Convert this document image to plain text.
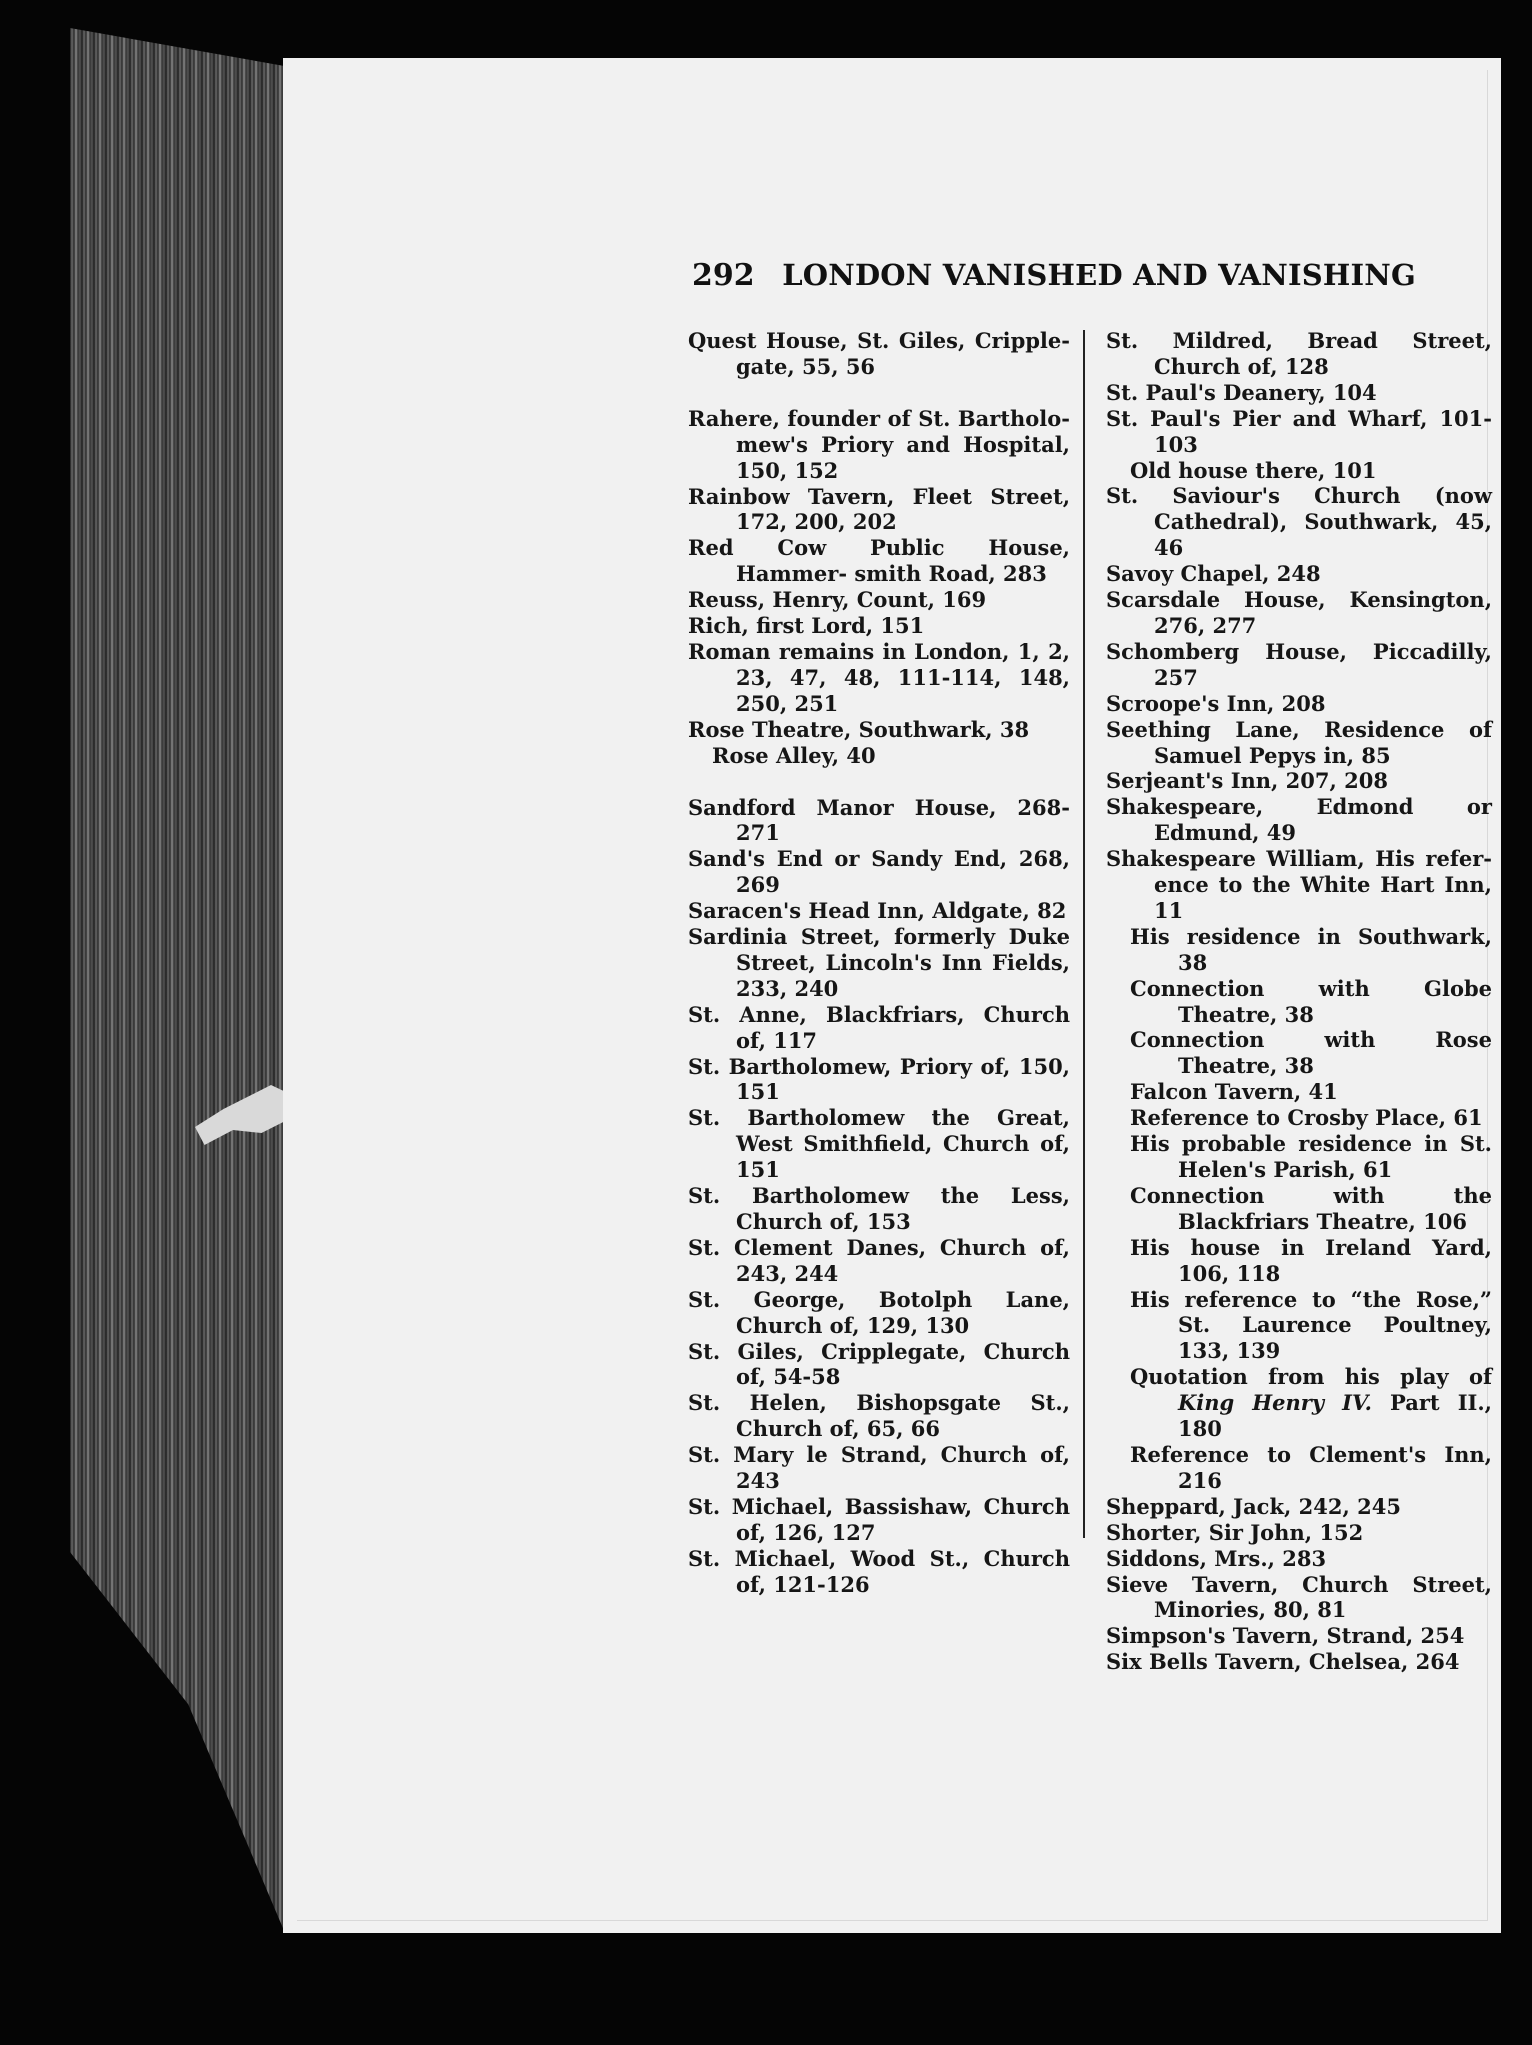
292 LONDON VANISHED AND VANISHING

Quest House, St. Giles, Cripple- gate, 55, 56

Rahere, founder of St. Bartholo- mew's Priory and Hospital, 150, 152

Rainbow Tavern, Fleet Street, 172, 200, 202

Red Cow Public House, Hammer- smith Road, 283

Reuss, Henry, Count, 169

Rich, first Lord, 151

Roman remains in London, 1, 2, 23, 47, 48, 111-114, 148, 250, 251

Rose Theatre, Southwark, 38

Rose Alley, 40

Sandford Manor House, 268-271

Sand's End or Sandy End, 268, 269

Saracen's Head Inn, Aldgate, 82

Sardinia Street, formerly Duke Street, Lincoln's Inn Fields, 233, 240

St. Anne, Blackfriars, Church of, 117

St. Bartholomew, Priory of, 150, 151

St. Bartholomew the Great, West Smithfield, Church of, 151

St. Bartholomew the Less, Church of, 153

St. Clement Danes, Church of, 243, 244

St. George, Botolph Lane, Church of, 129, 130

St. Giles, Cripplegate, Church of, 54-58

St. Helen, Bishopsgate St., Church of, 65, 66

St. Mary le Strand, Church of, 243

St. Michael, Bassishaw, Church of, 126, 127

St. Michael, Wood St., Church of, 121-126

St. Mildred, Bread Street, Church of, 128

St. Paul's Deanery, 104

St. Paul's Pier and Wharf, 101-103

Old house there, 101

St. Saviour's Church (now Cathedral), Southwark, 45, 46

Savoy Chapel, 248

Scarsdale House, Kensington, 276, 277

Schomberg House, Piccadilly, 257

Scroope's Inn, 208

Seething Lane, Residence of Samuel Pepys in, 85

Serjeant's Inn, 207, 208

Shakespeare, Edmond or Edmund, 49

Shakespeare William, His refer- ence to the White Hart Inn, 11

His residence in Southwark, 38

Connection with Globe Theatre, 38

Connection with Rose Theatre, 38

Falcon Tavern, 41

Reference to Crosby Place, 61

His probable residence in St. Helen's Parish, 61

Connection with the Blackfriars Theatre, 106

His house in Ireland Yard, 106, 118

His reference to “the Rose,” St. Laurence Poultney, 133, 139

Quotation from his play of King Henry IV. Part II., 180

Reference to Clement's Inn, 216

Sheppard, Jack, 242, 245

Shorter, Sir John, 152

Siddons, Mrs., 283

Sieve Tavern, Church Street, Minories, 80, 81

Simpson's Tavern, Strand, 254

Six Bells Tavern, Chelsea, 264
